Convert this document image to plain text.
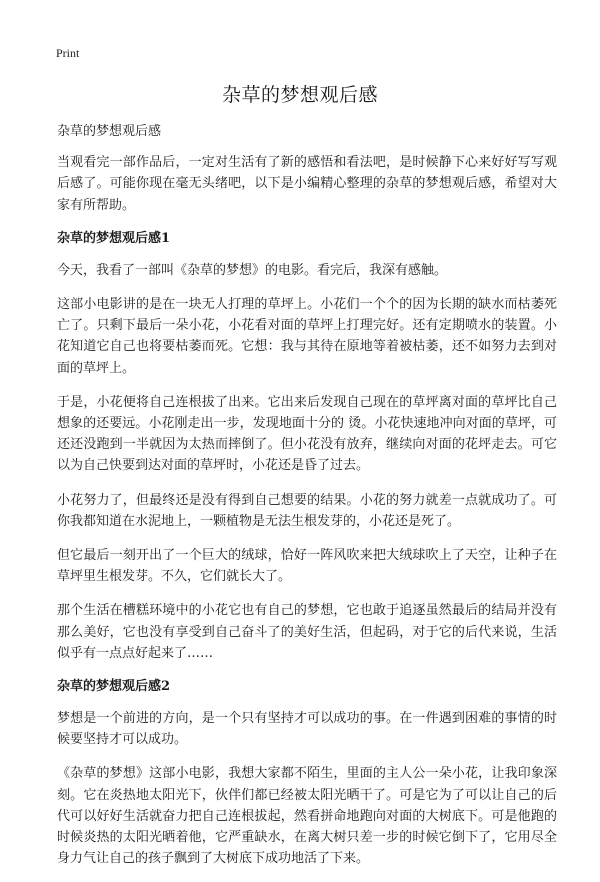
Print
杂草的梦想观后感

杂草的梦想观后感

当观看完一部作品后，一定对生活有了新的感悟和看法吧，是时候静下心来好好写写观后感了。可能你现在毫无头绪吧，以下是小编精心整理的杂草的梦想观后感，希望对大家有所帮助。

杂草的梦想观后感1

今天，我看了一部叫《杂草的梦想》的电影。看完后，我深有感触。

这部小电影讲的是在一块无人打理的草坪上。小花们一个个的因为长期的缺水而枯萎死亡了。只剩下最后一朵小花，小花看对面的草坪上打理完好。还有定期喷水的装置。小花知道它自己也将要枯萎而死。它想：我与其待在原地等着被枯萎，还不如努力去到对面的草坪上。

于是，小花便将自己连根拔了出来。它出来后发现自己现在的草坪离对面的草坪比自己想象的还要远。小花刚走出一步，发现地面十分的 烫。小花快速地冲向对面的草坪，可还还没跑到一半就因为太热而摔倒了。但小花没有放弃，继续向对面的花坪走去。可它以为自己快要到达对面的草坪时，小花还是昏了过去。

小花努力了，但最终还是没有得到自己想要的结果。小花的努力就差一点就成功了。可你我都知道在水泥地上，一颗植物是无法生根发芽的，小花还是死了。

但它最后一刻开出了一个巨大的绒球，恰好一阵风吹来把大绒球吹上了天空，让种子在草坪里生根发芽。不久，它们就长大了。

那个生活在槽糕环境中的小花它也有自己的梦想，它也敢于追逐虽然最后的结局并没有那么美好，它也没有享受到自己奋斗了的美好生活，但起码，对于它的后代来说，生活似乎有一点点好起来了……

杂草的梦想观后感2

梦想是一个前进的方向，是一个只有坚持才可以成功的事。在一件遇到困难的事情的时候要坚持才可以成功。

《杂草的梦想》这部小电影，我想大家都不陌生，里面的主人公一朵小花，让我印象深刻。它在炎热地太阳光下，伙伴们都已经被太阳光晒干了。可是它为了可以让自己的后代可以好好生活就奋力把自己连根拔起，然看拼命地跑向对面的大树底下。可是他跑的时候炎热的太阳光晒着他，它严重缺水，在离大树只差一步的时候它倒下了，它用尽全身力气让自己的孩子飘到了大树底下成功地活了下来。
